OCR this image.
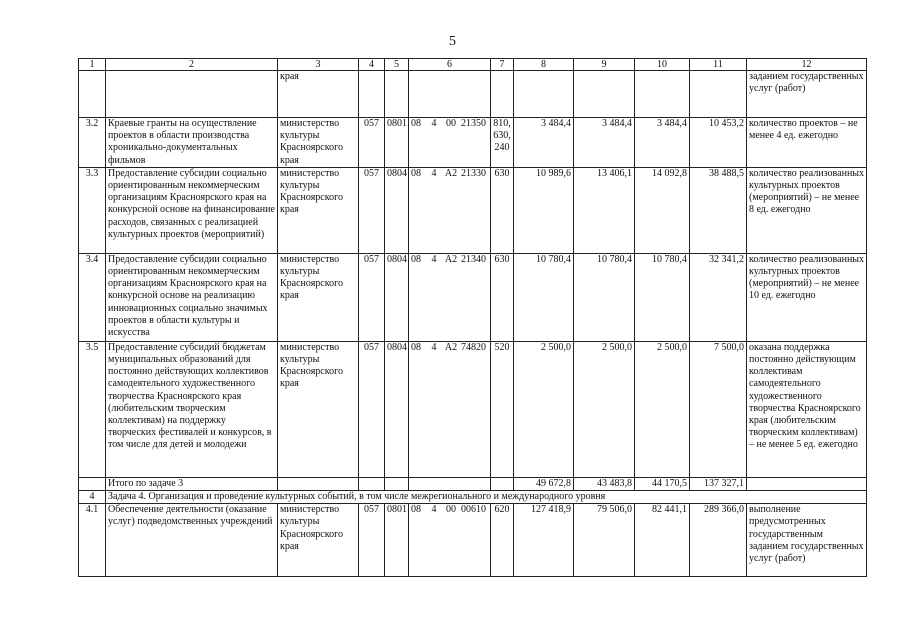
5
1	2	3	4	5	6	7	8	9	10	11	12
		края									заданием государственных услуг (работ)
3.2	Краевые гранты на осуществление проектов в области производства хроникально-документальных фильмов	министерство культуры Красноярского края	057	0801	08 4 00 21350	810, 630, 240	3 484,4	3 484,4	3 484,4	10 453,2	количество проектов – не менее 4 ед. ежегодно
3.3	Предоставление субсидии социально ориентированным некоммерческим организациям Красноярского края на конкурсной основе на финансирование расходов, связанных с реализацией культурных проектов (мероприятий)	министерство культуры Красноярского края	057	0804	08 4 А2 21330	630	10 989,6	13 406,1	14 092,8	38 488,5	количество реализованных культурных проектов (мероприятий) – не менее 8 ед. ежегодно
3.4	Предоставление субсидии социально ориентированным некоммерческим организациям Красноярского края на конкурсной основе на реализацию инновационных социально значимых проектов в области культуры и искусства	министерство культуры Красноярского края	057	0804	08 4 А2 21340	630	10 780,4	10 780,4	10 780,4	32 341,2	количество реализованных культурных проектов (мероприятий) – не менее 10 ед. ежегодно
3.5	Предоставление субсидий бюджетам муниципальных образований для постоянно действующих коллективов самодеятельного художественного творчества Красноярского края (любительским творческим коллективам) на поддержку творческих фестивалей и конкурсов, в том числе для детей и молодежи	министерство культуры Красноярского края	057	0804	08 4 А2 74820	520	2 500,0	2 500,0	2 500,0	7 500,0	оказана поддержка постоянно действующим коллективам самодеятельного художественного творчества Красноярского края (любительским творческим коллективам) – не менее 5 ед. ежегодно
	Итого по задаче 3						49 672,8	43 483,8	44 170,5	137 327,1	
4	Задача 4. Организация и проведение культурных событий, в том числе межрегионального и международного уровня										
4.1	Обеспечение деятельности (оказание услуг) подведомственных учреждений	министерство культуры Красноярского края	057	0801	08 4 00 00610	620	127 418,9	79 506,0	82 441,1	289 366,0	выполнение предусмотренных государственным заданием государственных услуг (работ)
